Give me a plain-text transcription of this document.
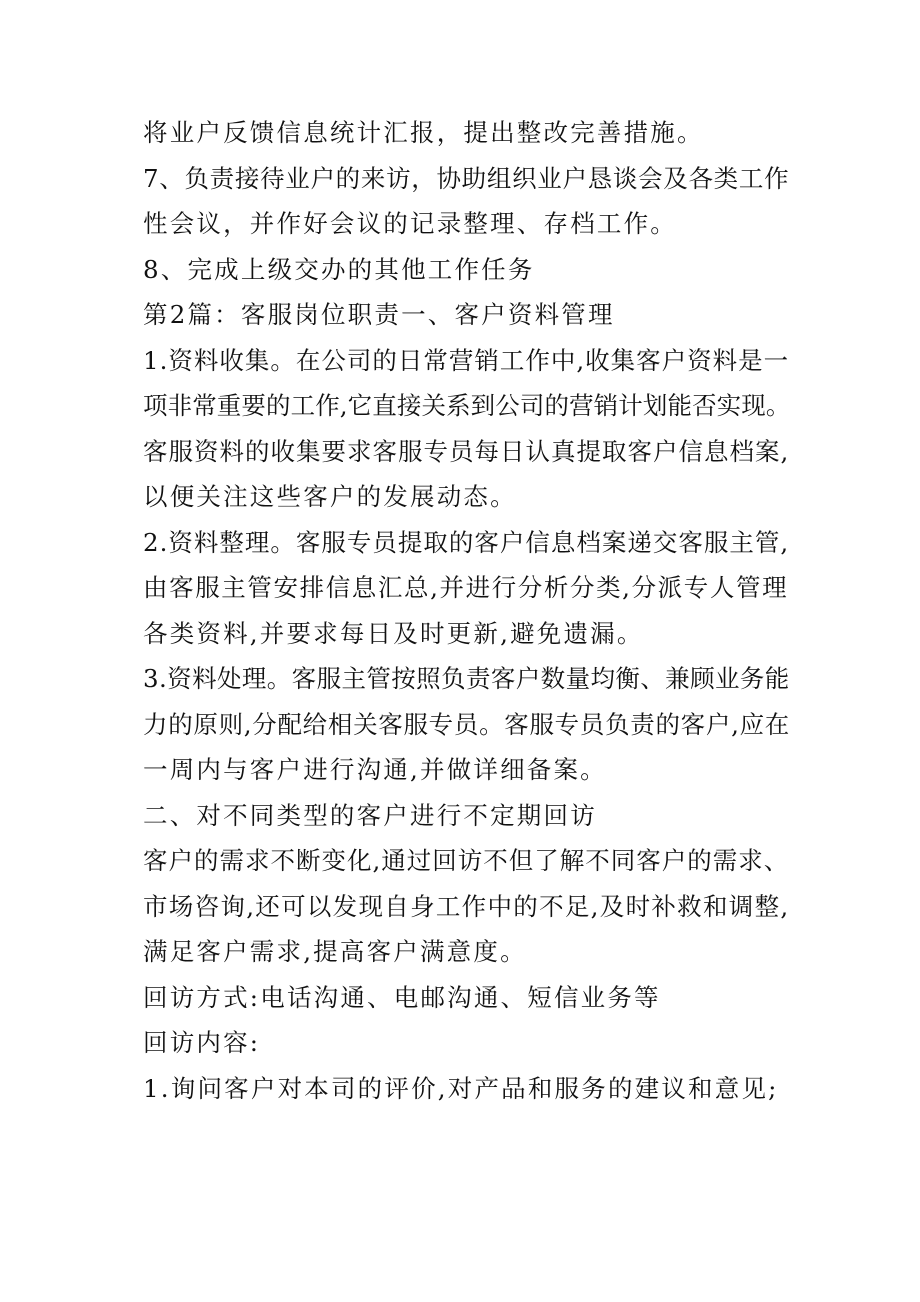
将业户反馈信息统计汇报，提出整改完善措施。

7、负责接待业户的来访，协助组织业户恳谈会及各类工作

性会议，并作好会议的记录整理、存档工作。

8、完成上级交办的其他工作任务

第2篇：客服岗位职责一、客户资料管理

1.资料收集。在公司的日常营销工作中,收集客户资料是一

项非常重要的工作,它直接关系到公司的营销计划能否实现。

客服资料的收集要求客服专员每日认真提取客户信息档案,

以便关注这些客户的发展动态。

2.资料整理。客服专员提取的客户信息档案递交客服主管,

由客服主管安排信息汇总,并进行分析分类,分派专人管理

各类资料,并要求每日及时更新,避免遗漏。

3.资料处理。客服主管按照负责客户数量均衡、兼顾业务能

力的原则,分配给相关客服专员。客服专员负责的客户,应在

一周内与客户进行沟通,并做详细备案。

二、对不同类型的客户进行不定期回访

客户的需求不断变化,通过回访不但了解不同客户的需求、

市场咨询,还可以发现自身工作中的不足,及时补救和调整,

满足客户需求,提高客户满意度。

回访方式:电话沟通、电邮沟通、短信业务等

回访内容:

1.询问客户对本司的评价,对产品和服务的建议和意见;
